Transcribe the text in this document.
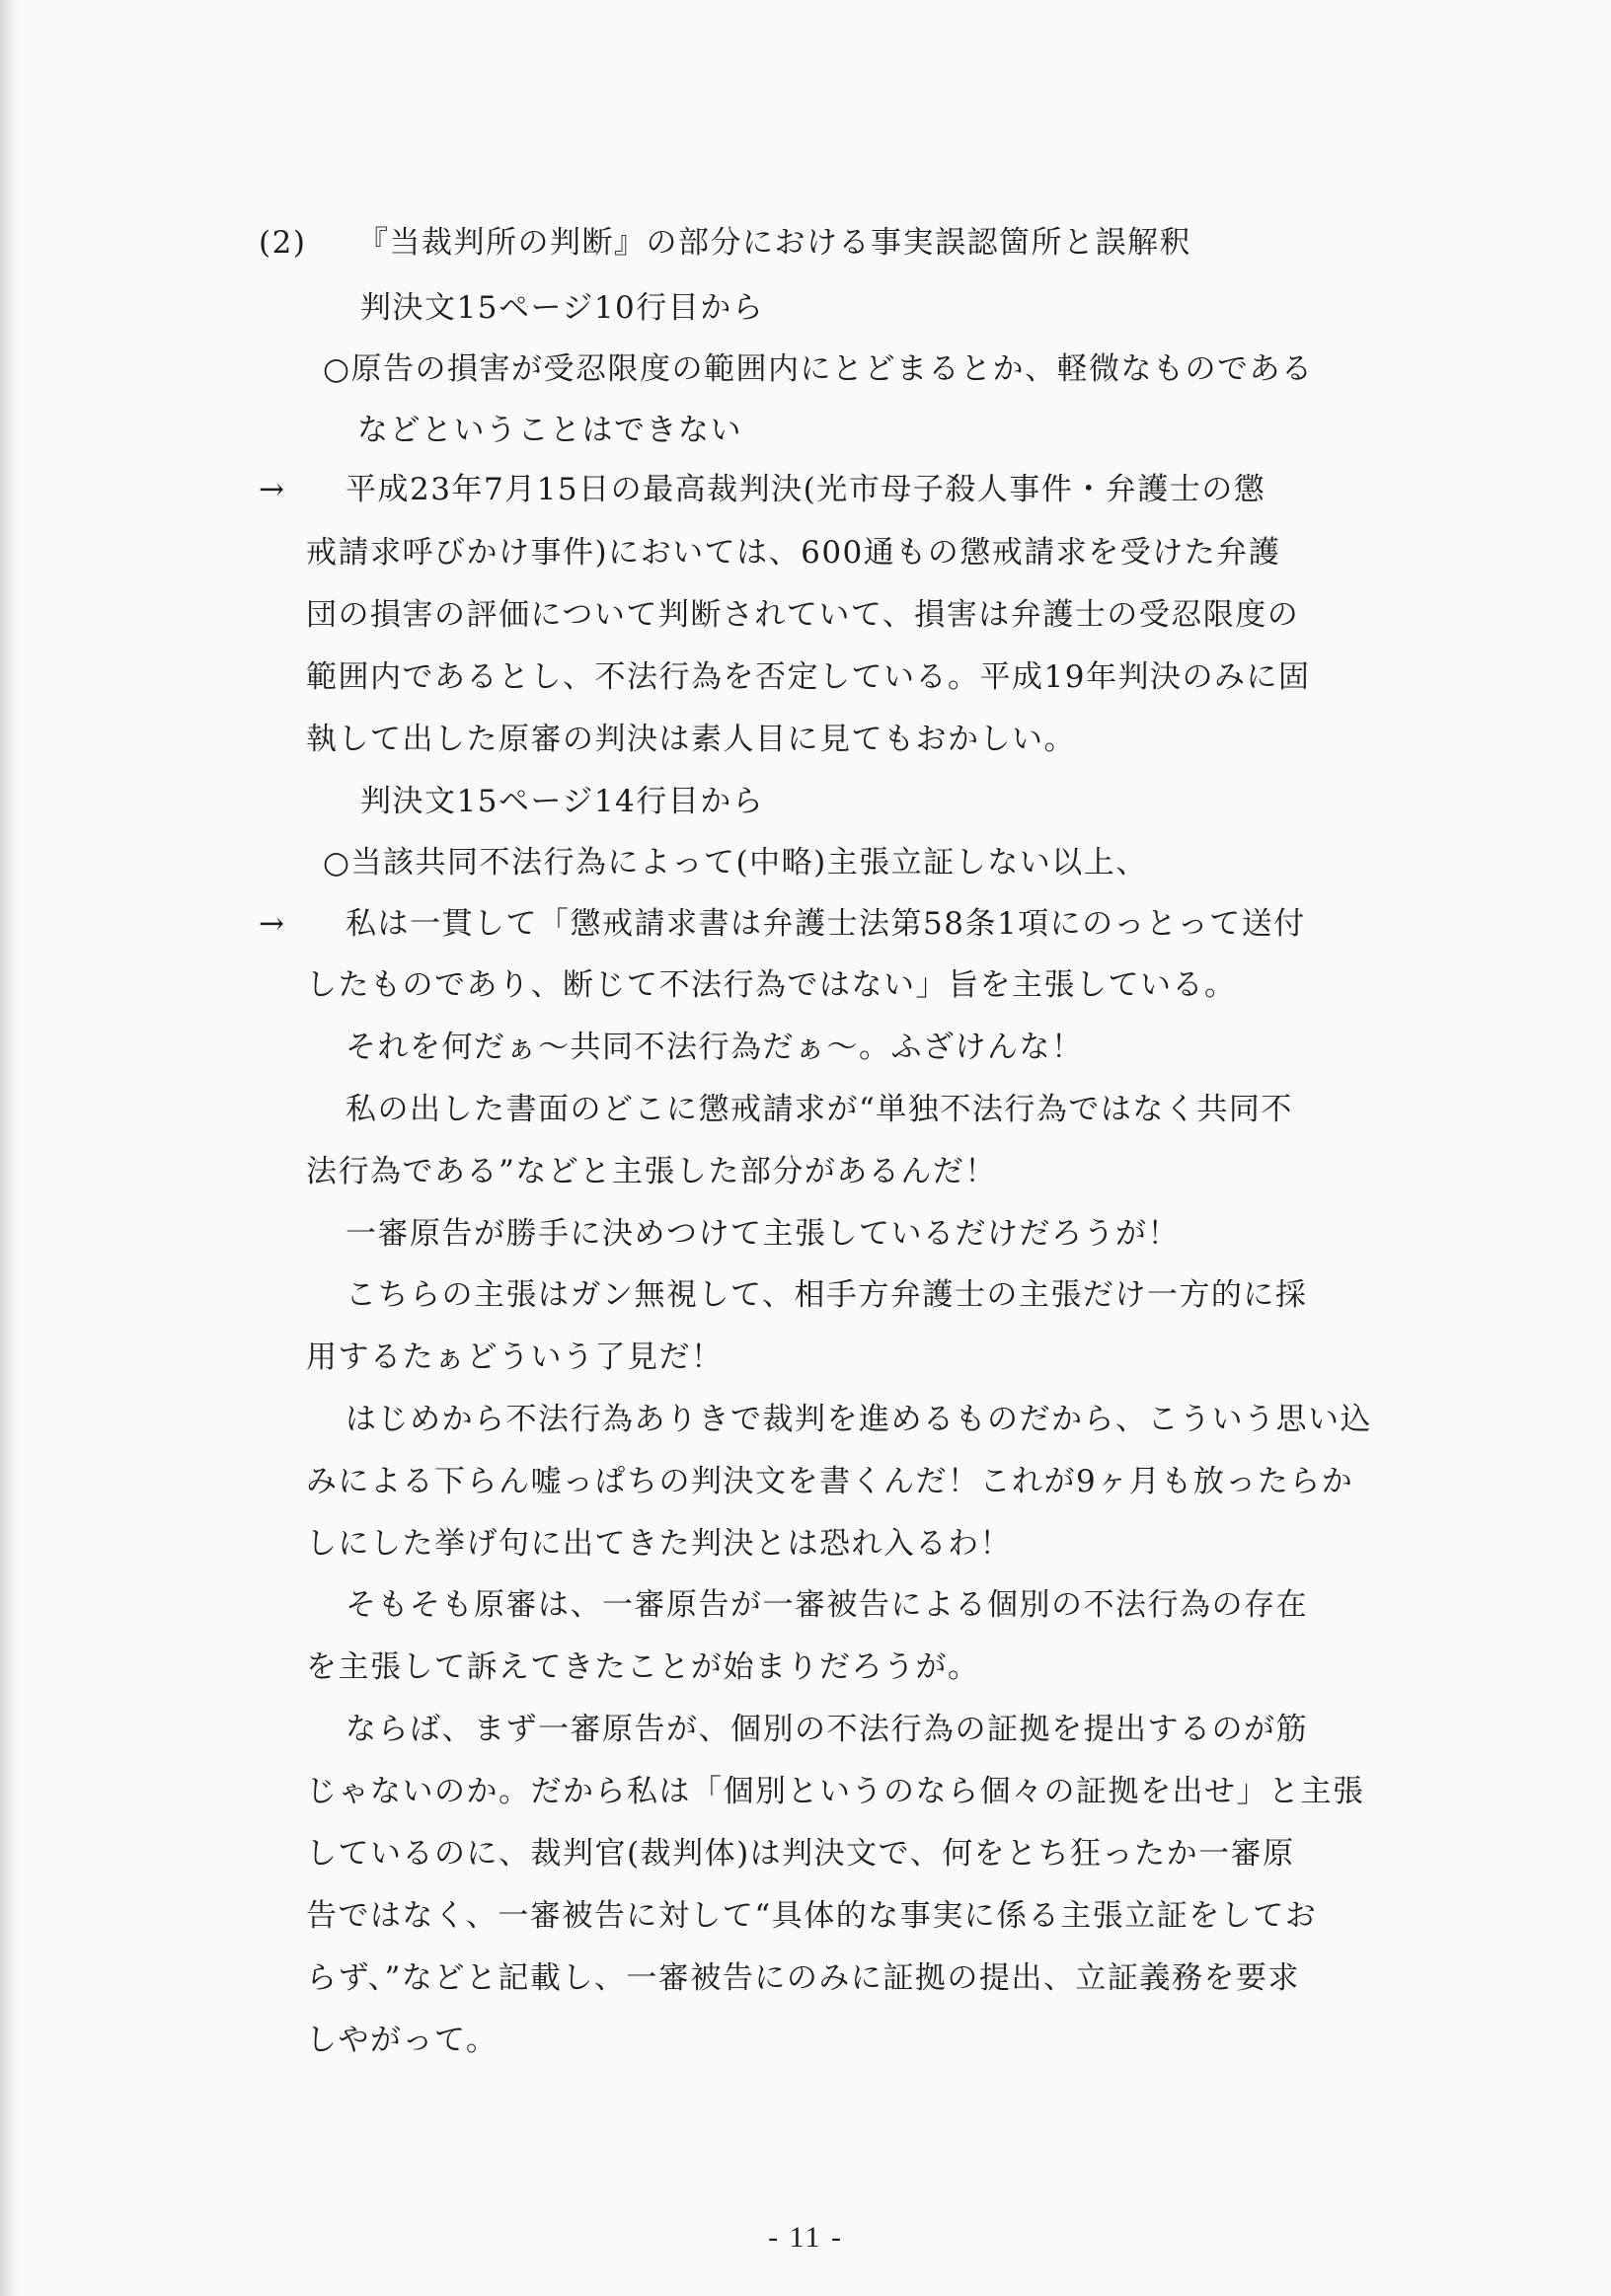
(2) 『当裁判所の判断』の部分における事実誤認箇所と誤解釈
判決文15ページ10行目から
○原告の損害が受忍限度の範囲内にとどまるとか、軽微なものである
などということはできない
→ 平成23年7月15日の最高裁判決(光市母子殺人事件・弁護士の懲
戒請求呼びかけ事件)においては、600通もの懲戒請求を受けた弁護
団の損害の評価について判断されていて、損害は弁護士の受忍限度の
範囲内であるとし、不法行為を否定している。平成19年判決のみに固
執して出した原審の判決は素人目に見てもおかしい。
判決文15ページ14行目から
○当該共同不法行為によって(中略)主張立証しない以上、
→ 私は一貫して「懲戒請求書は弁護士法第58条1項にのっとって送付
したものであり、断じて不法行為ではない」旨を主張している。
それを何だぁ～共同不法行為だぁ～。ふざけんな！
私の出した書面のどこに懲戒請求が“単独不法行為ではなく共同不
法行為である”などと主張した部分があるんだ！
一審原告が勝手に決めつけて主張しているだけだろうが！
こちらの主張はガン無視して、相手方弁護士の主張だけ一方的に採
用するたぁどういう了見だ！
はじめから不法行為ありきで裁判を進めるものだから、こういう思い込
みによる下らん嘘っぱちの判決文を書くんだ！これが9ヶ月も放ったらか
しにした挙げ句に出てきた判決とは恐れ入るわ！
そもそも原審は、一審原告が一審被告による個別の不法行為の存在
を主張して訴えてきたことが始まりだろうが。
ならば、まず一審原告が、個別の不法行為の証拠を提出するのが筋
じゃないのか。だから私は「個別というのなら個々の証拠を出せ」と主張
しているのに、裁判官(裁判体)は判決文で、何をとち狂ったか一審原
告ではなく、一審被告に対して“具体的な事実に係る主張立証をしてお
らず、”などと記載し、一審被告にのみに証拠の提出、立証義務を要求
しやがって。
- 11 -
